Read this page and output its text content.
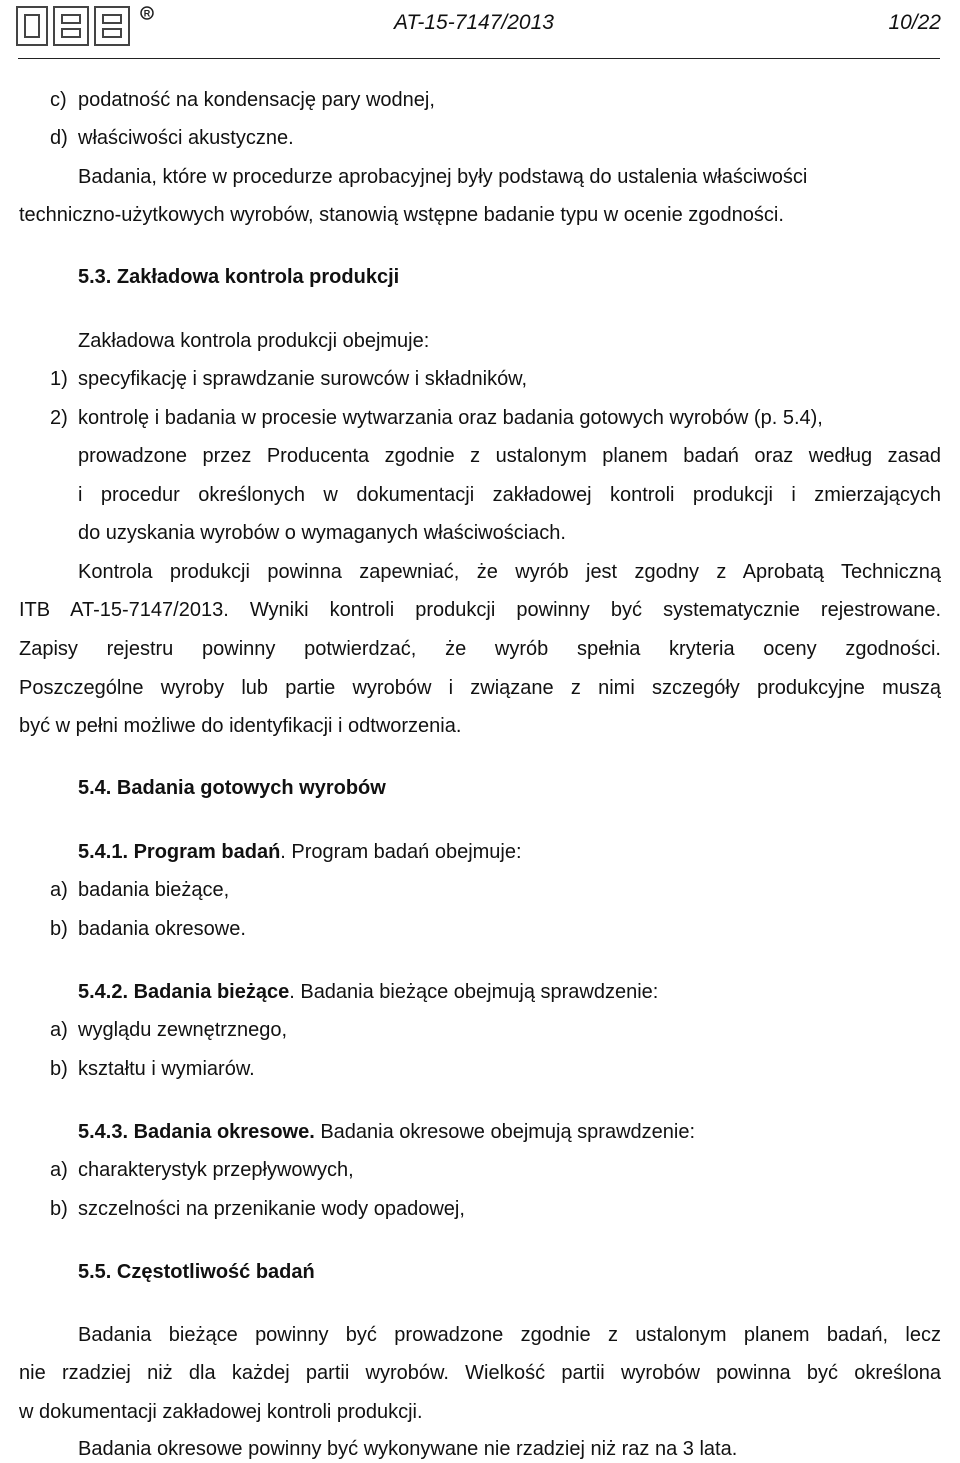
R	AT-15-7147/2013	10/22
c) podatność na kondensację pary wodnej,
d) właściwości akustyczne.
Badania, które w procedurze aprobacyjnej były podstawą do ustalenia właściwości
techniczno-użytkowych wyrobów, stanowią wstępne badanie typu w ocenie zgodności.
5.3. Zakładowa kontrola produkcji
Zakładowa kontrola produkcji obejmuje:
1) specyfikację i sprawdzanie surowców i składników,
2) kontrolę i badania w procesie wytwarzania oraz badania gotowych wyrobów (p. 5.4),
prowadzone przez Producenta zgodnie z ustalonym planem badań oraz według zasad
i procedur określonych w dokumentacji zakładowej kontroli produkcji i zmierzających
do uzyskania wyrobów o wymaganych właściwościach.
Kontrola produkcji powinna zapewniać, że wyrób jest zgodny z Aprobatą Techniczną
ITB AT-15-7147/2013. Wyniki kontroli produkcji powinny być systematycznie rejestrowane.
Zapisy rejestru powinny potwierdzać, że wyrób spełnia kryteria oceny zgodności.
Poszczególne wyroby lub partie wyrobów i związane z nimi szczegóły produkcyjne muszą
być w pełni możliwe do identyfikacji i odtworzenia.
5.4. Badania gotowych wyrobów
5.4.1. Program badań. Program badań obejmuje:
a) badania bieżące,
b) badania okresowe.
5.4.2. Badania bieżące. Badania bieżące obejmują sprawdzenie:
a) wyglądu zewnętrznego,
b) kształtu i wymiarów.
5.4.3. Badania okresowe. Badania okresowe obejmują sprawdzenie:
a) charakterystyk przepływowych,
b) szczelności na przenikanie wody opadowej,
5.5. Częstotliwość badań
Badania bieżące powinny być prowadzone zgodnie z ustalonym planem badań, lecz
nie rzadziej niż dla każdej partii wyrobów. Wielkość partii wyrobów powinna być określona
w dokumentacji zakładowej kontroli produkcji.
Badania okresowe powinny być wykonywane nie rzadziej niż raz na 3 lata.
